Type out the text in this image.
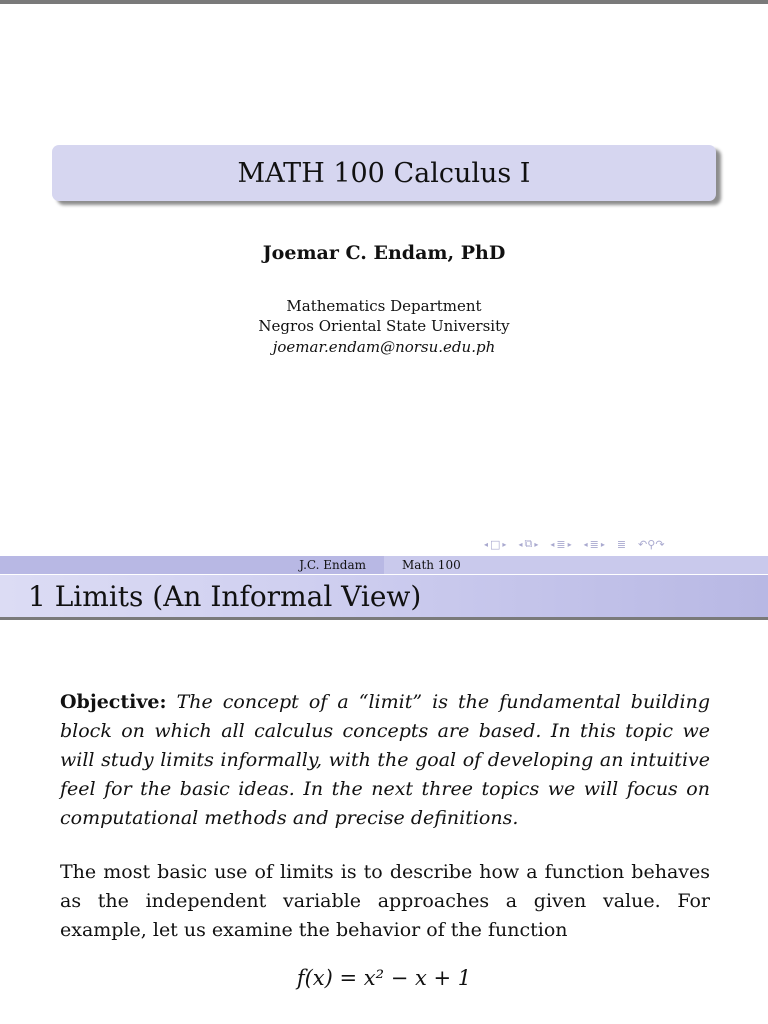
MATH 100 Calculus I
Joemar C. Endam, PhD
Mathematics Department
Negros Oriental State University
joemar.endam@norsu.edu.ph
◂ □ ▸ ◂ ⧉ ▸ ◂ ≣ ▸ ◂ ≣ ▸ ≣ ↶⚲↷
J.C. Endam	Math 100
1 Limits (An Informal View)
Objective: The concept of a “limit” is the fundamental building block on which all calculus concepts are based. In this topic we will study limits informally, with the goal of developing an intuitive feel for the basic ideas. In the next three topics we will focus on computational methods and precise definitions.
The most basic use of limits is to describe how a function behaves as the independent variable approaches a given value. For example, let us examine the behavior of the function
f(x) = x² − x + 1
